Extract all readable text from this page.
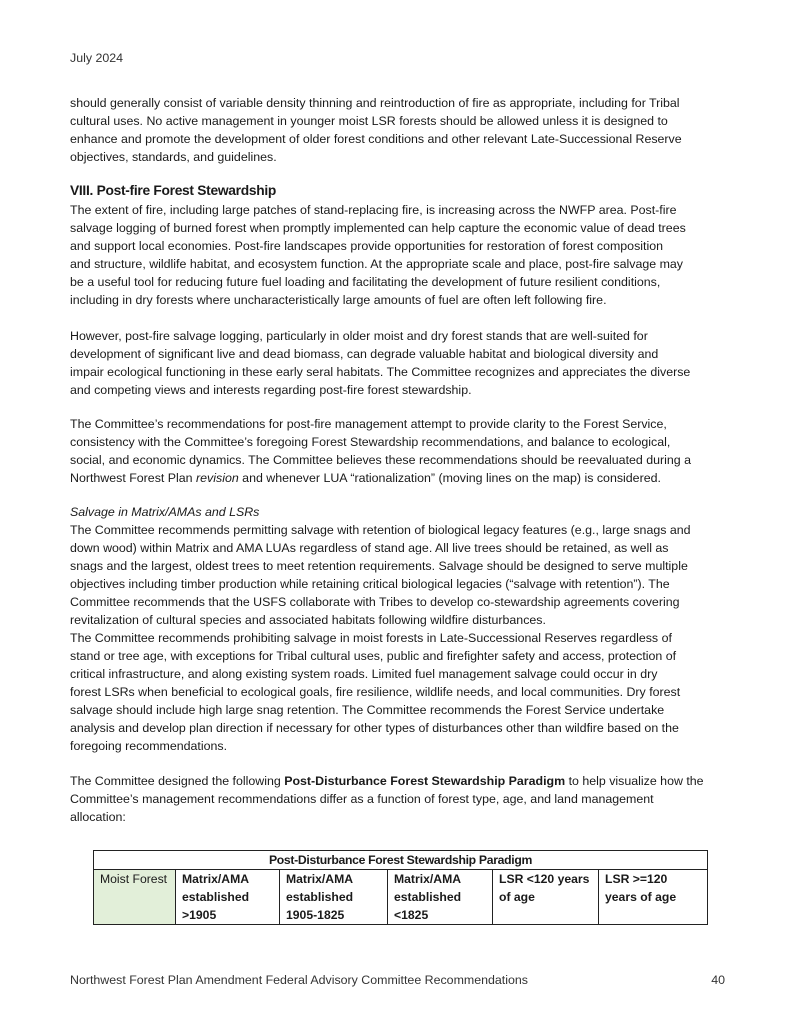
July 2024
should generally consist of variable density thinning and reintroduction of fire as appropriate, including for Tribal
cultural uses. No active management in younger moist LSR forests should be allowed unless it is designed to
enhance and promote the development of older forest conditions and other relevant Late-Successional Reserve
objectives, standards, and guidelines.
VIII. Post-fire Forest Stewardship
The extent of fire, including large patches of stand-replacing fire, is increasing across the NWFP area. Post-fire
salvage logging of burned forest when promptly implemented can help capture the economic value of dead trees
and support local economies. Post-fire landscapes provide opportunities for restoration of forest composition
and structure, wildlife habitat, and ecosystem function. At the appropriate scale and place, post-fire salvage may
be a useful tool for reducing future fuel loading and facilitating the development of future resilient conditions,
including in dry forests where uncharacteristically large amounts of fuel are often left following fire.
However, post-fire salvage logging, particularly in older moist and dry forest stands that are well-suited for
development of significant live and dead biomass, can degrade valuable habitat and biological diversity and
impair ecological functioning in these early seral habitats. The Committee recognizes and appreciates the diverse
and competing views and interests regarding post-fire forest stewardship.
The Committee’s recommendations for post-fire management attempt to provide clarity to the Forest Service,
consistency with the Committee’s foregoing Forest Stewardship recommendations, and balance to ecological,
social, and economic dynamics. The Committee believes these recommendations should be reevaluated during a
Northwest Forest Plan revision and whenever LUA “rationalization” (moving lines on the map) is considered.
Salvage in Matrix/AMAs and LSRs
The Committee recommends permitting salvage with retention of biological legacy features (e.g., large snags and
down wood) within Matrix and AMA LUAs regardless of stand age. All live trees should be retained, as well as
snags and the largest, oldest trees to meet retention requirements. Salvage should be designed to serve multiple
objectives including timber production while retaining critical biological legacies (“salvage with retention”). The
Committee recommends that the USFS collaborate with Tribes to develop co-stewardship agreements covering
revitalization of cultural species and associated habitats following wildfire disturbances.
The Committee recommends prohibiting salvage in moist forests in Late-Successional Reserves regardless of
stand or tree age, with exceptions for Tribal cultural uses, public and firefighter safety and access, protection of
critical infrastructure, and along existing system roads. Limited fuel management salvage could occur in dry
forest LSRs when beneficial to ecological goals, fire resilience, wildlife needs, and local communities. Dry forest
salvage should include high large snag retention. The Committee recommends the Forest Service undertake
analysis and develop plan direction if necessary for other types of disturbances other than wildfire based on the
foregoing recommendations.
The Committee designed the following Post-Disturbance Forest Stewardship Paradigm to help visualize how the
Committee’s management recommendations differ as a function of forest type, age, and land management
allocation:
Post-Disturbance Forest Stewardship Paradigm
Moist Forest	Matrix/AMA established >1905	Matrix/AMA established 1905-1825	Matrix/AMA established <1825	LSR <120 years of age	LSR >=120 years of age
Northwest Forest Plan Amendment Federal Advisory Committee Recommendations	40
